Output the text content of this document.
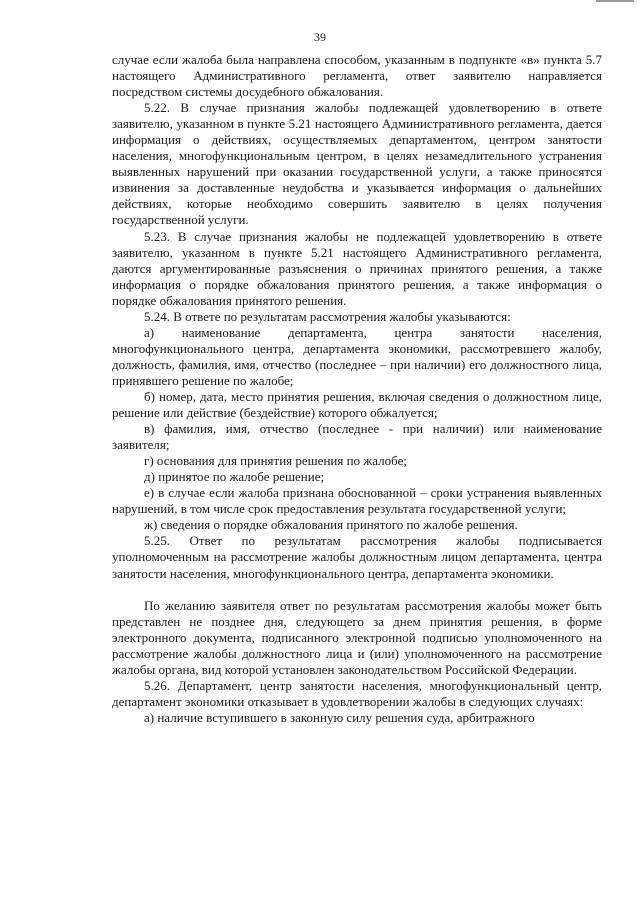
39

случае если жалоба была направлена способом, указанным в подпункте «в» пункта 5.7 настоящего Административного регламента, ответ заявителю направляется посредством системы досудебного обжалования.

5.22. В случае признания жалобы подлежащей удовлетворению в ответе заявителю, указанном в пункте 5.21 настоящего Административного регламента, дается информация о действиях, осуществляемых департаментом, центром занятости населения, многофункциональным центром, в целях незамедлительного устранения выявленных нарушений при оказании государственной услуги, а также приносятся извинения за доставленные неудобства и указывается информация о дальнейших действиях, которые необходимо совершить заявителю в целях получения государственной услуги.

5.23. В случае признания жалобы не подлежащей удовлетворению в ответе заявителю, указанном в пункте 5.21 настоящего Административного регламента, даются аргументированные разъяснения о причинах принятого решения, а также информация о порядке обжалования принятого решения, а также информация о порядке обжалования принятого решения.

5.24. В ответе по результатам рассмотрения жалобы указываются:

а) наименование департамента, центра занятости населения, многофункционального центра, департамента экономики, рассмотревшего жалобу, должность, фамилия, имя, отчество (последнее – при наличии) его должностного лица, принявшего решение по жалобе;

б) номер, дата, место принятия решения, включая сведения о должностном лице, решение или действие (бездействие) которого обжалуется;

в) фамилия, имя, отчество (последнее - при наличии) или наименование заявителя;

г) основания для принятия решения по жалобе;

д) принятое по жалобе решение;

е) в случае если жалоба признана обоснованной – сроки устранения выявленных нарушений, в том числе срок предоставления результата государственной услуги;

ж) сведения о порядке обжалования принятого по жалобе решения.

5.25. Ответ по результатам рассмотрения жалобы подписывается уполномоченным на рассмотрение жалобы должностным лицом департамента, центра занятости населения, многофункционального центра, департамента экономики.

По желанию заявителя ответ по результатам рассмотрения жалобы может быть представлен не позднее дня, следующего за днем принятия решения, в форме электронного документа, подписанного электронной подписью уполномоченного на рассмотрение жалобы должностного лица и (или) уполномоченного на рассмотрение жалобы органа, вид которой установлен законодательством Российской Федерации.

5.26. Департамент, центр занятости населения, многофункциональный центр, департамент экономики отказывает в удовлетворении жалобы в следующих случаях:

а) наличие вступившего в законную силу решения суда, арбитражного
